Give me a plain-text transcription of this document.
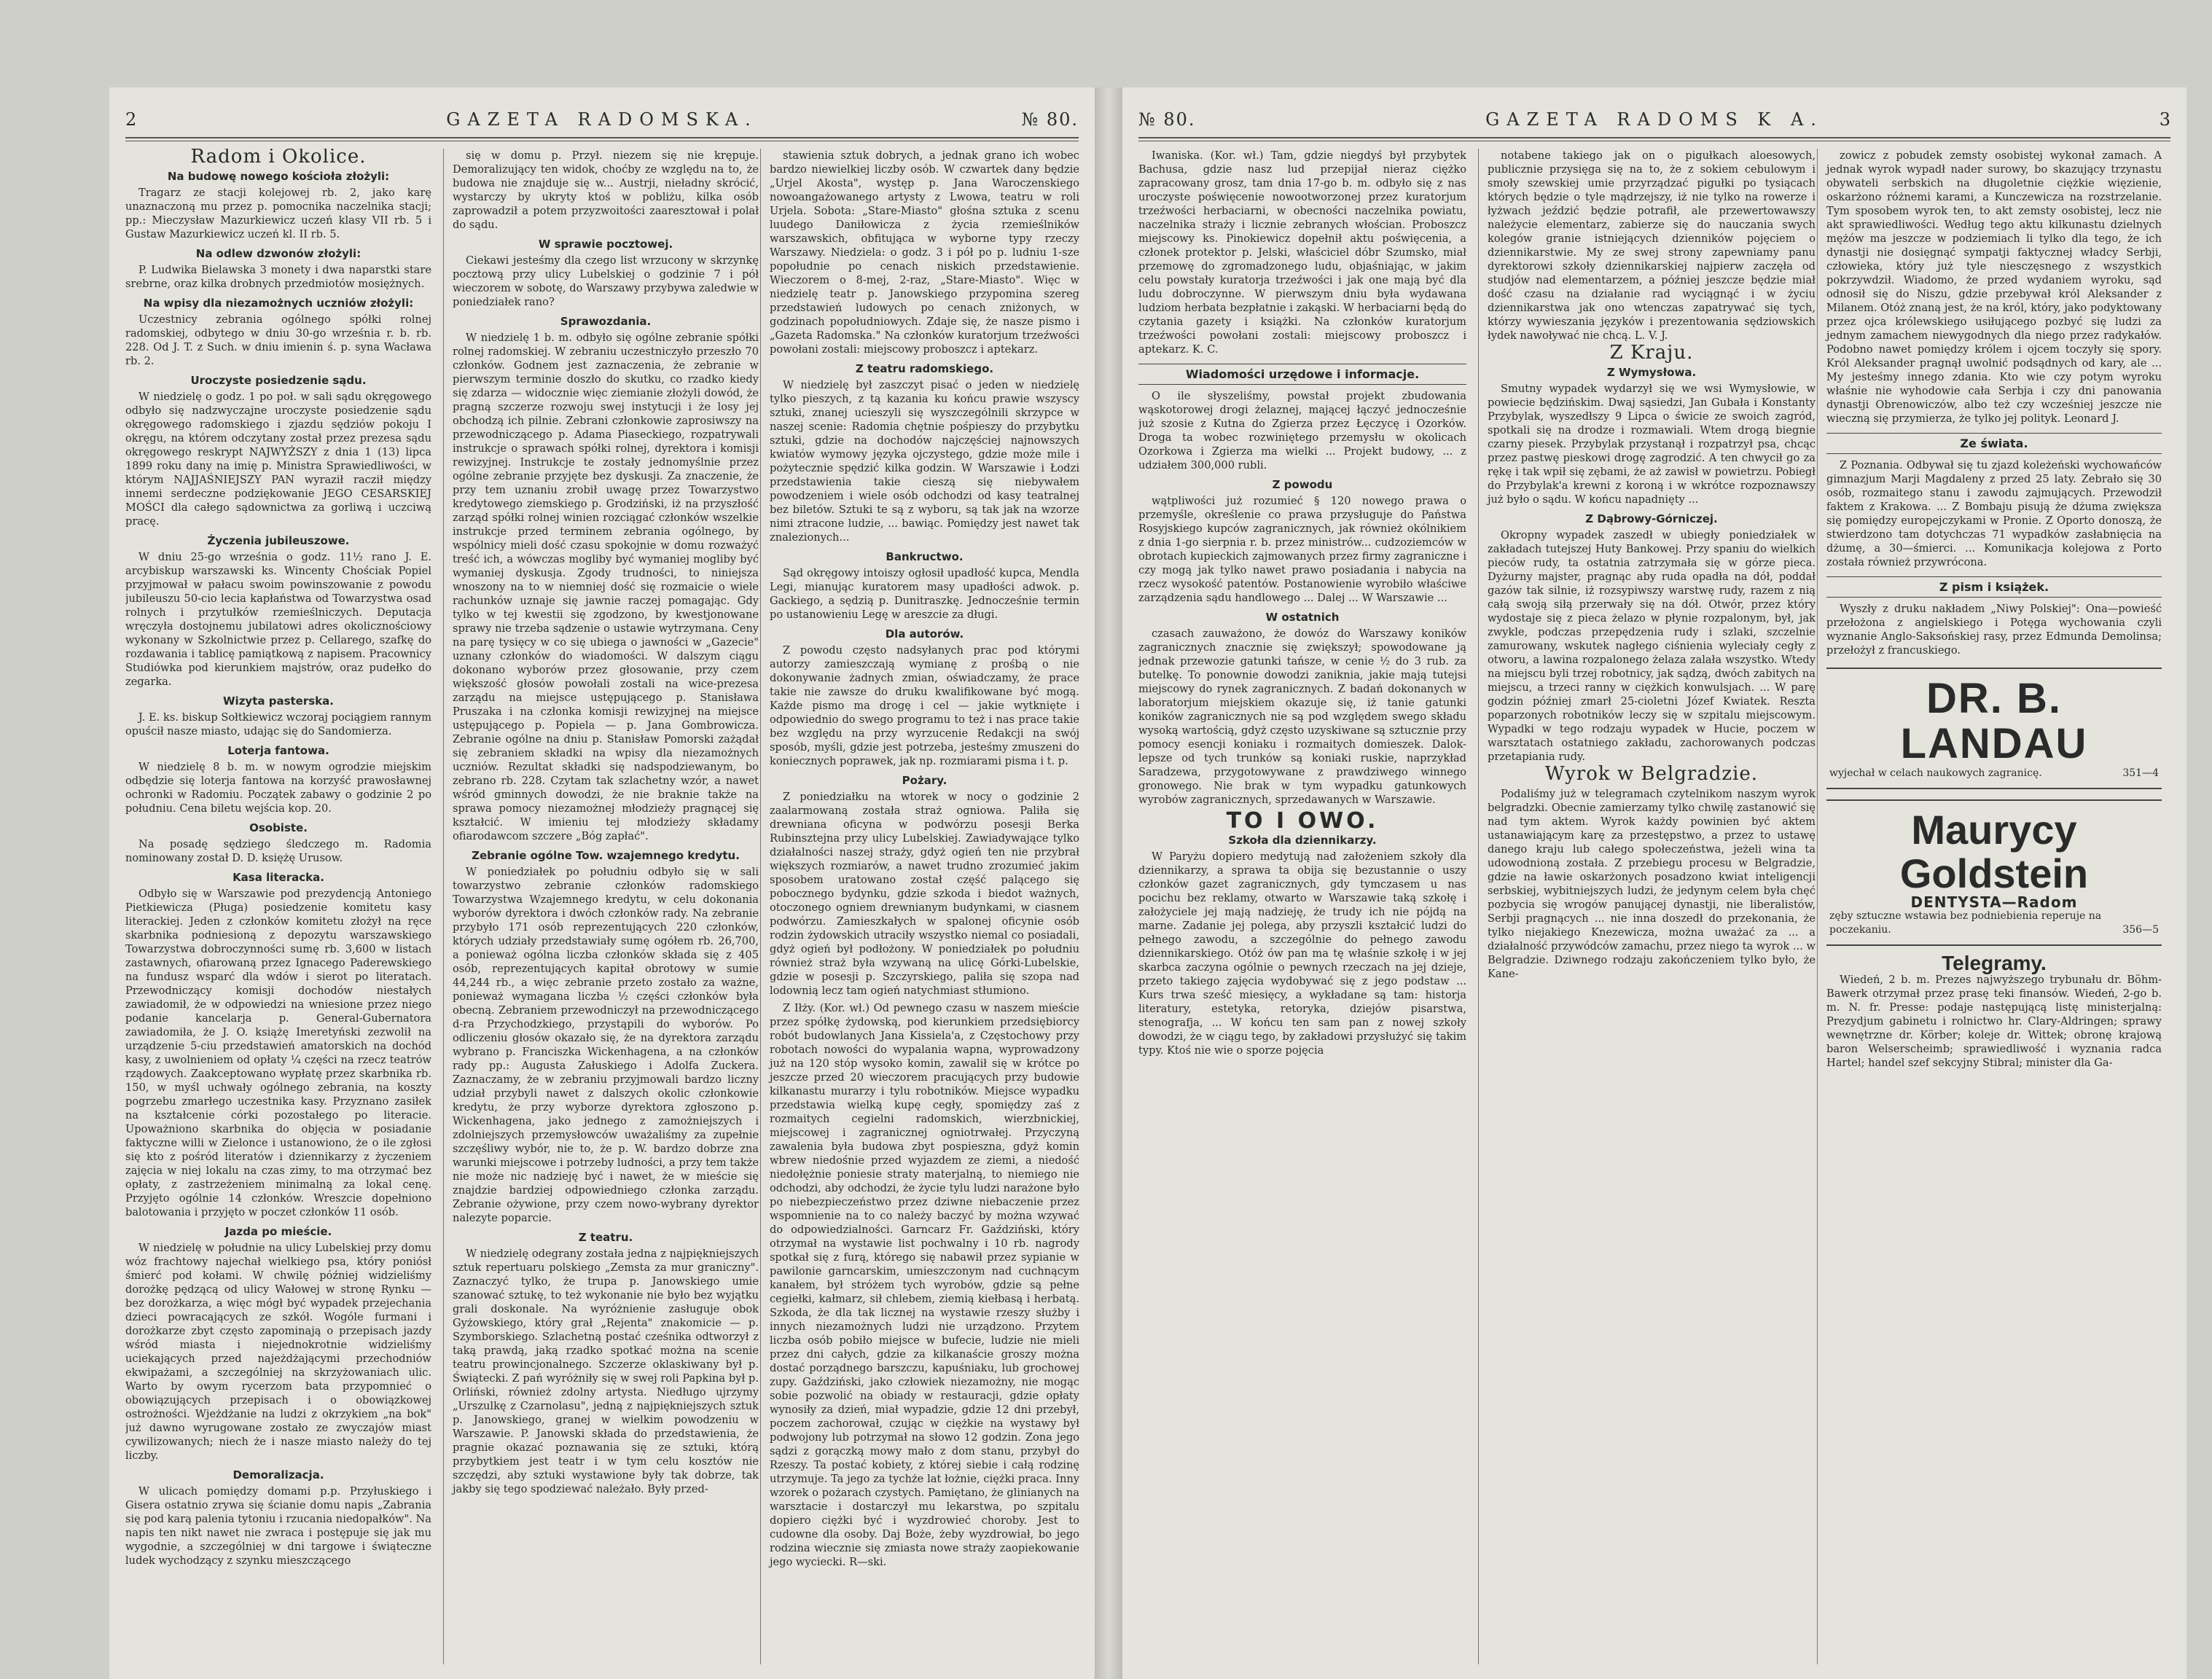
2	GAZETA RADOMSKA.	№ 80.
Radom i Okolice.
Na budowę nowego kościoła złożyli:

Tragarz ze stacji kolejowej rb. 2, jako karę unaznaczoną mu przez p. pomocnika naczelnika stacji; pp.: Mieczysław Mazurkiewicz uczeń klasy VII rb. 5 i Gustaw Mazurkiewicz uczeń kl. II rb. 5.

Na odlew dzwonów złożyli:

P. Ludwika Bielawska 3 monety i dwa naparstki stare srebrne, oraz kilka drobnych przedmiotów mosiężnych.

Na wpisy dla niezamożnych uczniów złożyli:

Uczestnicy zebrania ogólnego spółki rolnej radomskiej, odbytego w dniu 30-go września r. b. rb. 228. Od J. T. z Such. w dniu imienin ś. p. syna Wacława rb. 2.

Uroczyste posiedzenie sądu.

W niedzielę o godz. 1 po poł. w sali sądu okręgowego odbyło się nadzwyczajne uroczyste posiedzenie sądu okręgowego radomskiego i zjazdu sędziów pokoju I okręgu, na którem odczytany został przez prezesa sądu okręgowego reskrypt NAJWYŻSZY z dnia 1 (13) lipca 1899 roku dany na imię p. Ministra Sprawiedliwości, w którym NAJJAŚNIEJSZY PAN wyraził racził między innemi serdeczne podziękowanie JEGO CESARSKIEJ MOŚCI dla całego sądownictwa za gorliwą i uczciwą pracę.

Życzenia jubileuszowe.

W dniu 25-go września o godz. 11½ rano J. E. arcybiskup warszawski ks. Wincenty Chościak Popiel przyjmował w pałacu swoim powinszowanie z powodu jubileuszu 50-cio lecia kapłaństwa od Towarzystwa osad rolnych i przytułków rzemieślniczych. Deputacja wręczyła dostojnemu jubilatowi adres okolicznościowy wykonany w Szkolnictwie przez p. Cellarego, szafkę do rozdawania i tablicę pamiątkową z napisem. Pracownicy Studiówka pod kierunkiem majstrów, oraz pudełko do zegarka.

Wizyta pasterska.

J. E. ks. biskup Sołtkiewicz wczoraj pociągiem rannym opuścił nasze miasto, udając się do Sandomierza.

Loterja fantowa.

W niedzielę 8 b. m. w nowym ogrodzie miejskim odbędzie się loterja fantowa na korzyść prawosławnej ochronki w Radomiu. Początek zabawy o godzinie 2 po południu. Cena biletu wejścia kop. 20.

Osobiste.

Na posadę sędziego śledczego m. Radomia nominowany został D. D. księżę Urusow.

Kasa literacka.

Odbyło się w Warszawie pod prezydencją Antoniego Pietkiewicza (Pługa) posiedzenie komitetu kasy literackiej. Jeden z członków komitetu złożył na ręce skarbnika podniesioną z depozytu warszawskiego Towarzystwa dobroczynności sumę rb. 3,600 w listach zastawnych, ofiarowaną przez Ignacego Paderewskiego na fundusz wsparć dla wdów i sierot po literatach. Przewodniczący komisji dochodów niestałych zawiadomił, że w odpowiedzi na wniesione przez niego podanie kancelarja p. General-Gubernatora zawiadomiła, że J. O. książę Imeretyński zezwolił na urządzenie 5-ciu przedstawień amatorskich na dochód kasy, z uwolnieniem od opłaty ¼ części na rzecz teatrów rządowych. Zaakceptowano wypłatę przez skarbnika rb. 150, w myśl uchwały ogólnego zebrania, na koszty pogrzebu zmarłego uczestnika kasy. Przyznano zasiłek na kształcenie córki pozostałego po literacie. Upoważniono skarbnika do objęcia w posiadanie faktyczne willi w Zielonce i ustanowiono, że o ile zgłosi się kto z pośród literatów i dziennikarzy z życzeniem zajęcia w niej lokalu na czas zimy, to ma otrzymać bez opłaty, z zastrzeżeniem minimalną za lokal cenę. Przyjęto ogólnie 14 członków. Wreszcie dopełniono balotowania i przyjęto w poczet członków 11 osób.

Jazda po mieście.

W niedzielę w południe na ulicy Lubelskiej przy domu wóz frachtowy najechał wielkiego psa, który poniósł śmierć pod kołami. W chwilę później widzieliśmy dorożkę pędzącą od ulicy Wałowej w stronę Rynku — bez dorożkarza, a więc mógł być wypadek przejechania dzieci powracających ze szkół. Wogóle furmani i dorożkarze zbyt często zapominają o przepisach jazdy wśród miasta i niejednokrotnie widzieliśmy uciekających przed najeżdżającymi przechodniów ekwipażami, a szczególniej na skrzyżowaniach ulic. Warto by owym rycerzom bata przypomnieć o obowiązujących przepisach i o obowiązkowej ostrożności. Wjeżdżanie na ludzi z okrzykiem „na bok" już dawno wyrugowane zostało ze zwyczajów miast cywilizowanych; niech że i nasze miasto należy do tej liczby.

Demoralizacja.

W ulicach pomiędzy domami p.p. Przyłuskiego i Gisera ostatnio zrywa się ścianie domu napis „Zabrania się pod karą palenia tytoniu i rzucania niedopałków". Na napis ten nikt nawet nie zwraca i postępuje się jak mu wygodnie, a szczególniej w dni targowe i świąteczne ludek wychodzący z szynku mieszczącego

się w domu p. Przył. niezem się nie krępuje. Demoralizujący ten widok, choćby ze względu na to, że budowa nie znajduje się w... Austrji, nieładny skrócić, wystarczy by ukryty ktoś w pobliżu, kilka osób zaprowadził a potem przyzwoitości zaaresztował i polał do sądu.

W sprawie pocztowej.

Ciekawi jesteśmy dla czego list wrzucony w skrzynkę pocztową przy ulicy Lubelskiej o godzinie 7 i pół wieczorem w sobotę, do Warszawy przybywa zaledwie w poniedziałek rano?

Sprawozdania.

W niedzielę 1 b. m. odbyło się ogólne zebranie spółki rolnej radomskiej. W zebraniu uczestniczyło przeszło 70 członków. Godnem jest zaznaczenia, że zebranie w pierwszym terminie doszło do skutku, co rzadko kiedy się zdarza — widocznie więc ziemianie złożyli dowód, że pragną szczerze rozwoju swej instytucji i że losy jej obchodzą ich pilnie. Zebrani członkowie zaprosiwszy na przewodniczącego p. Adama Piaseckiego, rozpatrywali instrukcje o sprawach spółki rolnej, dyrektora i komisji rewizyjnej. Instrukcje te zostały jednomyślnie przez ogólne zebranie przyjęte bez dyskusji. Za znaczenie, że przy tem uznaniu zrobił uwagę przez Towarzystwo kredytowego ziemskiego p. Grodziński, iż na przyszłość zarząd spółki rolnej winien rozciągać członków wszelkie instrukcje przed terminem zebrania ogólnego, by wspólnicy mieli dość czasu spokojnie w domu rozważyć treść ich, a wówczas mogliby być wymaniej mogliby być wymaniej dyskusja. Zgody trudności, to niniejsza wnoszony na to w niemniej dość się rozmaicie o wiele rachunków uznaje się jawnie raczej pomagając. Gdy tylko w tej kwestii się zgodzono, by kwestjonowane sprawy nie trzeba sądzenie o ustawie wytrzymana. Ceny na parę tysięcy w co się ubiega o jawności w „Gazecie" uznany członków do wiadomości. W dalszym ciągu dokonano wyborów przez głosowanie, przy czem większość głosów powołali zostali na wice-prezesa zarządu na miejsce ustępującego p. Stanisława Pruszaka i na członka komisji rewizyjnej na miejsce ustępującego p. Popiela — p. Jana Gombrowicza. Zebranie ogólne na dniu p. Stanisław Pomorski zażądał się zebraniem składki na wpisy dla niezamożnych uczniów. Rezultat składki się nadspodziewanym, bo zebrano rb. 228. Czytam tak szlachetny wzór, a nawet wśród gminnych dowodzi, że nie braknie także na sprawa pomocy niezamożnej młodzieży pragnącej się kształcić. W imieniu tej młodzieży składamy ofiarodawcom szczere „Bóg zapłać".

Zebranie ogólne Tow. wzajemnego kredytu.

W poniedziałek po południu odbyło się w sali towarzystwo zebranie członków radomskiego Towarzystwa Wzajemnego kredytu, w celu dokonania wyborów dyrektora i dwóch członków rady. Na zebranie przybyło 171 osób reprezentujących 220 członków, których udziały przedstawiały sumę ogółem rb. 26,700, a ponieważ ogólna liczba członków składa się z 405 osób, reprezentujących kapitał obrotowy w sumie 44,244 rb., a więc zebranie przeto zostało za ważne, ponieważ wymagana liczba ½ części członków była obecną. Zebraniem przewodniczył na przewodniczącego d-ra Przychodzkiego, przystąpili do wyborów. Po odliczeniu głosów okazało się, że na dyrektora zarządu wybrano p. Franciszka Wickenhagena, a na członków rady pp.: Augusta Załuskiego i Adolfa Zuckera. Zaznaczamy, że w zebraniu przyjmowali bardzo liczny udział przybyli nawet z dalszych okolic członkowie kredytu, że przy wyborze dyrektora zgłoszono p. Wickenhagena, jako jednego z zamożniejszych i zdolniejszych przemysłowców uważaliśmy za zupełnie szczęśliwy wybór, nie to, że p. W. bardzo dobrze zna warunki miejscowe i potrzeby ludności, a przy tem także nie może nic nadzieję być i nawet, że w mieście się znajdzie bardziej odpowiedniego członka zarządu. Zebranie ożywione, przy czem nowo-wybrany dyrektor nalezyte poparcie.

Z teatru.

W niedzielę odegrany została jedna z najpiękniejszych sztuk repertuaru polskiego „Zemsta za mur graniczny". Zaznaczyć tylko, że trupa p. Janowskiego umie szanować sztukę, to też wykonanie nie było bez wyjątku grali doskonale. Na wyróżnienie zasługuje obok Gyżowskiego, który grał „Rejenta" znakomicie — p. Szymborskiego. Szlachetną postać cześnika odtworzył z taką prawdą, jaką rzadko spotkać można na scenie teatru prowincjonalnego. Szczerze oklaskiwany był p. Świątecki. Z pań wyróżniły się w swej roli Papkina był p. Orliński, również zdolny artysta. Niedługo ujrzymy „Urszulkę z Czarnolasu", jedną z najpiękniejszych sztuk p. Janowskiego, granej w wielkim powodzeniu w Warszawie. P. Janowski składa do przedstawienia, że pragnie okazać poznawania się ze sztuki, którą przybytkiem jest teatr i w tym celu kosztów nie szczędzi, aby sztuki wystawione były tak dobrze, tak jakby się tego spodziewać należało. Były przed-

stawienia sztuk dobrych, a jednak grano ich wobec bardzo niewielkiej liczby osób. W czwartek dany będzie „Urjel Akosta", występ p. Jana Waroczenskiego nowoangażowanego artysty z Lwowa, teatru w roli Urjela. Sobota: „Stare-Miasto" głośna sztuka z scenu luudego Daniłowicza z życia rzemieślników warszawskich, obfitująca w wyborne typy rzeczy Warszawy. Niedziela: o godz. 3 i pół po p. ludniu 1-sze popołudnie po cenach niskich przedstawienie. Wieczorem o 8-mej, 2-raz, „Stare-Miasto". Więc w niedzielę teatr p. Janowskiego przypomina szereg przedstawień ludowych po cenach zniżonych, w godzinach popołudniowych. Zdaje się, że nasze pismo i „Gazeta Radomska." Na członków kuratorjum trzeźwości powołani zostali: miejscowy proboszcz i aptekarz.

Z teatru radomskiego.

W niedzielę był zaszczyt pisać o jeden w niedzielę tylko pieszych, z tą kazania ku końcu prawie wszyscy sztuki, znanej ucieszyli się wyszczególnili skrzypce w naszej scenie: Radomia chętnie pośpieszy do przybytku sztuki, gdzie na dochodów najczęściej najnowszych kwiatów wymowy języka ojczystego, gdzie może mile i pożytecznie spędzić kilka godzin. W Warszawie i Łodzi przedstawienia takie cieszą się niebywałem powodzeniem i wiele osób odchodzi od kasy teatralnej bez biletów. Sztuki te są z wyboru, są tak jak na wzorze nimi ztracone ludzie, ... bawiąc. Pomiędzy jest nawet tak znalezionych...

Bankructwo.

Sąd okręgowy intoiszy ogłosił upadłość kupca, Mendla Legi, mianując kuratorem masy upadłości adwok. p. Gackiego, a sędzią p. Dunitraszkę. Jednocześnie termin po ustanowieniu Legę w areszcie za długi.

Dla autorów.

Z powodu często nadsyłanych prac pod którymi autorzy zamieszczają wymianę z prośbą o nie dokonywanie żadnych zmian, oświadczamy, że prace takie nie zawsze do druku kwalifikowane być mogą. Każde pismo ma drogę i cel — jakie wytknięte i odpowiednio do swego programu to też i nas prace takie bez względu na przy wyrzucenie Redakcji na swój sposób, myśli, gdzie jest potrzeba, jesteśmy zmuszeni do koniecznych poprawek, jak np. rozmiarami pisma i t. p.

Pożary.

Z poniedziałku na wtorek w nocy o godzinie 2 zaalarmowaną została straż ogniowa. Paliła się drewniana oficyna w podwórzu posesji Berka Rubinsztejna przy ulicy Lubelskiej. Zawiadywające tylko działalności naszej straży, gdyż ogień ten nie przybrał większych rozmiarów, a nawet trudno zrozumieć jakim sposobem uratowano został część palącego się pobocznego bydynku, gdzie szkoda i biedot ważnych, otoczonego ogniem drewnianym budynkami, w ciasnem podwórzu. Zamieszkałych w spalonej oficynie osób rodzin żydowskich utraciły wszystko niemal co posiadali, gdyż ogień był podłożony. W poniedziałek po południu również straż była wzywaną na ulicę Górki-Lubelskie, gdzie w posesji p. Szczyrskiego, paliła się szopa nad lodownią lecz tam ogień natychmiast stłumiono.

Z Iłży. (Kor. wł.) Od pewnego czasu w naszem mieście przez spółkę żydowską, pod kierunkiem przedsiębiorcy robót budowlanych Jana Kissiela'a, z Częstochowy przy robotach nowości do wypalania wapna, wyprowadzony już na 120 stóp wysoko komin, zawalił się w krótce po jeszcze przed 20 wieczorem pracujących przy budowie kilkanastu murarzy i tylu robotników. Miejsce wypadku przedstawia wielką kupę cegły, spomiędzy zaś z rozmaitych cegielni radomskich, wierzbnickiej, miejscowej i zagranicznej ogniotrwałej. Przyczyną zawalenia była budowa zbyt pospieszna, gdyż komin wbrew niedośnie przed wyjazdem ze ziemi, a niedość niedołężnie poniesie straty materjalną, to niemiego nie odchodzi, aby odchodzi, że życie tylu ludzi narażone było po niebezpieczeństwo przez dziwne niebaczenie przez wspomnienie na to co należy baczyć by można wzywać do odpowiedzialności. Garncarz Fr. Gaździński, który otrzymał na wystawie list pochwalny i 10 rb. nagrody spotkał się z furą, którego się nabawił przez sypianie w pawilonie garncarskim, umieszczonym nad cuchnącym kanałem, był stróżem tych wyrobów, gdzie są pełne cegiełki, kałmarz, sił chlebem, ziemią kiełbasą i herbatą. Szkoda, że dla tak licznej na wystawie rzeszy służby i innych niezamożnych ludzi nie urządzono. Przytem liczba osób pobiło miejsce w bufecie, ludzie nie mieli przez dni całych, gdzie za kilkanaście groszy można dostać porządnego barszczu, kapuśniaku, lub grochowej zupy. Gaździński, jako człowiek niezamożny, nie mogąc sobie pozwolić na obiady w restauracji, gdzie opłaty wynosiły za dzień, miał wypadzie, gdzie 12 dni przebył, poczem zachorował, czując w ciężkie na wystawy był podwojony lub potrzymał na słowo 12 godzin. Zona jego sądzi z gorączką mowy mało z dom stanu, przybył do Rzeszy. Ta postać kobiety, z której siebie i całą rodzinę utrzymuje. Ta jego za tychże lat łożnie, ciężki praca. Inny wzorek o pożarach czystych. Pamiętano, że glinianych na warsztacie i dostarczył mu lekarstwa, po szpitalu dopiero ciężki być i wyzdrowieć choroby. Jest to cudowne dla osoby. Daj Boże, żeby wyzdrowiał, bo jego rodzina wiecznie się zmiasta nowe straży zaopiekowanie jego wyciecki. R—ski.

№ 80.	GAZETA RADOMS K A.	3

Iwaniska. (Kor. wł.) Tam, gdzie niegdyś był przybytek Bachusa, gdzie nasz lud przepijał nieraz ciężko zapracowany grosz, tam dnia 17-go b. m. odbyło się z nas uroczyste poświęcenie nowootworzonej przez kuratorjum trzeźwości herbaciarni, w obecności naczelnika powiatu, naczelnika straży i licznie zebranych włościan. Proboszcz miejscowy ks. Pinokiewicz dopełnił aktu poświęcenia, a członek protektor p. Jelski, właściciel dóbr Szumsko, miał przemowę do zgromadzonego ludu, objaśniając, w jakim celu powstały kuratorja trzeźwości i jak one mają być dla ludu dobroczynne. W pierwszym dniu była wydawana ludziom herbata bezpłatnie i zakąski. W herbaciarni będą do czytania gazety i książki. Na członków kuratorjum trzeźwości powołani zostali: miejscowy proboszcz i aptekarz. K. C.

Wiadomości urzędowe i informacje.

O ile słyszeliśmy, powstał projekt zbudowania wąskotorowej drogi żelaznej, mającej łączyć jednocześnie już szosie z Kutna do Zgierza przez Łęczycę i Ozorków. Droga ta wobec rozwiniętego przemysłu w okolicach Ozorkowa i Zgierza ma wielki ... Projekt budowy, ... z udziałem 300,000 rubli.

Z powodu

wątpliwości już rozumieć § 120 nowego prawa o przemyśle, określenie co prawa przysługuje do Państwa Rosyjskiego kupców zagranicznych, jak również okólnikiem z dnia 1-go sierpnia r. b. przez ministrów... cudzoziemców w obrotach kupieckich zajmowanych przez firmy zagraniczne i czy mogą jak tylko nawet prawo posiadania i nabycia na rzecz wysokość patentów. Postanowienie wyrobiło właściwe zarządzenia sądu handlowego ... Dalej ... W Warszawie ...

W ostatnich

czasach zauważono, że dowóz do Warszawy koników zagranicznych znacznie się zwiększył; spowodowane ją jednak przewozie gatunki tańsze, w cenie ½ do 3 rub. za butelkę. To ponownie dowodzi zaniknia, jakie mają tutejsi miejscowy do rynek zagranicznych. Z badań dokonanych w laboratorjum miejskiem okazuje się, iż tanie gatunki koników zagranicznych nie są pod względem swego składu wysoką wartością, gdyż często uzyskiwane są sztucznie przy pomocy esencji koniaku i rozmaitych domieszek. Dalok-lepsze od tych trunków są koniaki ruskie, naprzykład Saradzewa, przygotowywane z prawdziwego winnego gronowego. Nie brak w tym wypadku gatunkowych wyrobów zagranicznych, sprzedawanych w Warszawie.

TO I OWO.
Szkoła dla dziennikarzy.

W Paryżu dopiero medytują nad założeniem szkoły dla dziennikarzy, a sprawa ta obija się bezustannie o uszy członków gazet zagranicznych, gdy tymczasem u nas pocichu bez reklamy, otwarto w Warszawie taką szkołę i założyciele jej mają nadzieję, że trudy ich nie pójdą na marne. Zadanie jej polega, aby przyszli kształcić ludzi do pełnego zawodu, a szczególnie do pełnego zawodu dziennikarskiego. Otóż ów pan ma tę właśnie szkołę i w jej skarbca zaczyna ogólnie o pewnych rzeczach na jej dzieje, przeto takiego zajęcia wydobywać się z jego podstaw ... Kurs trwa sześć miesięcy, a wykładane są tam: historja literatury, estetyka, retoryka, dziejów pisarstwa, stenografja, ... W końcu ten sam pan z nowej szkoły dowodzi, że w ciągu tego, by zakładowi przysłużyć się takim typy. Ktoś nie wie o sporze pojęcia

notabene takiego jak on o pigułkach aloesowych, publicznie przysięga się na to, że z sokiem cebulowym i smoły szewskiej umie przyrządzać pigułki po tysiącach których będzie o tyle mądrzejszy, iż nie tylko na rowerze i łyżwach jeździć będzie potrafił, ale przewertowawszy należycie elementarz, zabierze się do nauczania swych kolegów granie istniejących dzienników pojęciem o dziennikarstwie. My ze swej strony zapewniamy panu dyrektorowi szkoły dziennikarskiej najpierw zaczęła od studjów nad elementarzem, a później jeszcze będzie miał dość czasu na działanie rad wyciągnąć i w życiu dziennikarstwa jak ono wtenczas zapatrywać się tych, którzy wywieszania języków i prezentowania sędziowskich łydek nawoływać nie chcą. L. V. J.

Z Kraju.
Z Wymysłowa.

Smutny wypadek wydarzył się we wsi Wymysłowie, w powiecie będzińskim. Dwaj sąsiedzi, Jan Gubała i Konstanty Przybylak, wyszedłszy 9 Lipca o świcie ze swoich zagród, spotkali się na drodze i rozmawiali. Wtem drogą biegnie czarny piesek. Przybylak przystanął i rozpatrzył psa, chcąc przez pastwę pieskowi drogę zagrodzić. A ten chwycił go za rękę i tak wpił się zębami, że aż zawisł w powietrzu. Pobiegł do Przybylak'a krewni z koroną i w wkrótce rozpoznawszy już było o sądu. W końcu napadnięty ...

Z Dąbrowy-Górniczej.

Okropny wypadek zaszedł w ubiegły poniedziałek w zakładach tutejszej Huty Bankowej. Przy spaniu do wielkich pieców rudy, ta ostatnia zatrzymała się w górze pieca. Dyżurny majster, pragnąc aby ruda opadła na dół, poddał gazów tak silnie, iż rozsypiwszy warstwę rudy, razem z nią całą swoją siłą przerwały się na dół. Otwór, przez który wydostaje się z pieca żelazo w płynie rozpalonym, był, jak zwykle, podczas przepędzenia rudy i szlaki, szczelnie zamurowany, wskutek nagłego ciśnienia wyleciały cegły z otworu, a lawina rozpalonego żelaza zalała wszystko. Wtedy na miejscu byli trzej robotnicy, jak sądzą, dwóch zabitych na miejscu, a trzeci ranny w ciężkich konwulsjach. ... W parę godzin później zmarł 25-cioletni Józef Kwiatek. Reszta poparzonych robotników leczy się w szpitalu miejscowym. Wypadki w tego rodzaju wypadek w Hucie, poczem w warsztatach ostatniego zakładu, zachorowanych podczas przetapiania rudy.

Wyrok w Belgradzie.

Podaliśmy już w telegramach czytelnikom naszym wyrok belgradzki. Obecnie zamierzamy tylko chwilę zastanowić się nad tym aktem. Wyrok każdy powinien być aktem ustanawiającym karę za przestępstwo, a przez to ustawę danego kraju lub całego społeczeństwa, jeżeli wina ta udowodnioną została. Z przebiegu procesu w Belgradzie, gdzie na ławie oskarżonych posadzono kwiat inteligencji serbskiej, wybitniejszych ludzi, że jedynym celem była chęć pozbycia się wrogów panującej dynastji, nie liberalistów, Serbji pragnących ... nie inna doszedł do przekonania, że tylko niejakiego Knezewicza, można uważać za ... a działalność przywódców zamachu, przez niego ta wyrok ... w Belgradzie. Dziwnego rodzaju zakończeniem tylko było, że Kane-

zowicz z pobudek zemsty osobistej wykonał zamach. A jednak wyrok wypadł nader surowy, bo skazujący trzynastu obywateli serbskich na długoletnie ciężkie więzienie, oskarżono różnemi karami, a Kunczewicza na rozstrzelanie. Tym sposobem wyrok ten, to akt zemsty osobistej, lecz nie akt sprawiedliwości. Według tego aktu kilkunastu dzielnych mężów ma jeszcze w podziemiach li tylko dla tego, że ich dynastji nie dosięgnąć sympatji faktycznej władcy Serbji, człowieka, który już tyle niesczęsnego z wszystkich pokrzywdził. Wiadomo, że przed wydaniem wyroku, sąd odnosił się do Niszu, gdzie przebywał król Aleksander z Milanem. Otóż znaną jest, że na król, który, jako podyktowany przez ojca królewskiego usiłującego pozbyć się ludzi za jednym zamachem niewygodnych dla niego przez radykałów. Podobno nawet pomiędzy królem i ojcem toczyły się spory. Król Aleksander pragnął uwolnić podsądnych od kary, ale ... My jesteśmy innego zdania. Kto wie czy potym wyroku właśnie nie wyhodowie cała Serbja i czy dni panowania dynastji Obrenowiczów, albo też czy wcześniej jeszcze nie wieczną się przymierza, że tylko jej polityk. Leonard J.

Ze świata.

Z Poznania. Odbywał się tu zjazd koleżeński wychowańców gimnazjum Marji Magdaleny z przed 25 laty. Zebrało się 30 osób, rozmaitego stanu i zawodu zajmujących. Przewodził faktem z Krakowa. ... Z Bombaju pisują że dżuma zwiększa się pomiędzy europejczykami w Pronie. Z Oporto donoszą, że stwierdzono tam dotychczas 71 wypadków zasłabnięcia na dżumę, a 30—śmierci. ... Komunikacja kolejowa z Porto została również przywrócona.

Z pism i książek.

Wyszły z druku nakładem „Niwy Polskiej": Ona—powieść przełożona z angielskiego i Potęga wychowania czyli wyznanie Anglo-Saksońskiej rasy, przez Edmunda Demolinsa; przełożył z francuskiego.

DR. B. LANDAU
wyjechał w celach naukowych zagranicę.	351—4
Maurycy Goldstein
DENTYSTA—Radom
zęby sztuczne wstawia bez podniebienia reperuje na poczekaniu.	356—5
Telegramy.

Wiedeń, 2 b. m. Prezes najwyższego trybunału dr. Böhm-Bawerk otrzymał przez prasę teki finansów. Wiedeń, 2-go b. m. N. fr. Presse: podaje następującą listę ministerjalną: Prezydjum gabinetu i rolnictwo hr. Clary-Aldringen; sprawy wewnętrzne dr. Körber; koleje dr. Wittek; obronę krajową baron Welserscheimb; sprawiedliwość i wyznania radca Hartel; handel szef sekcyjny Stibral; minister dla Ga-
